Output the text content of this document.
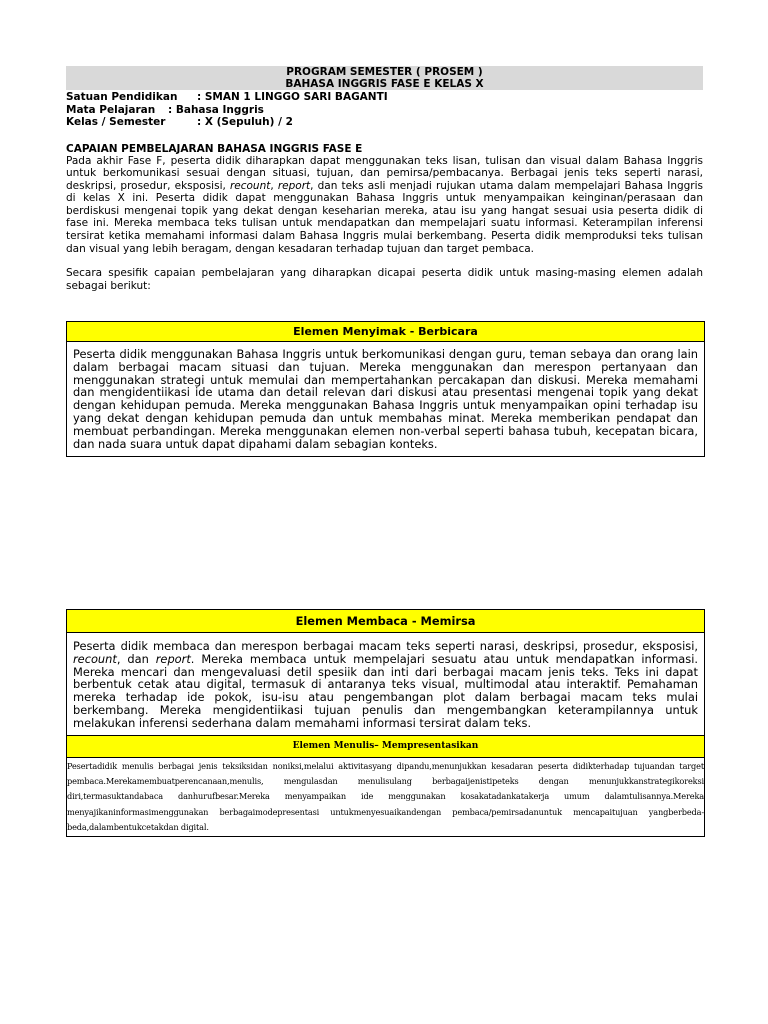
PROGRAM SEMESTER ( PROSEM )
BAHASA INGGRIS FASE E KELAS X
Satuan Pendidikan : SMAN 1 LINGGO SARI BAGANTI
Mata Pelajaran : Bahasa Inggris
Kelas / Semester	: X (Sepuluh) / 2
CAPAIAN PEMBELAJARAN BAHASA INGGRIS FASE E

Pada akhir Fase F, peserta didik diharapkan dapat menggunakan teks lisan, tulisan dan visual dalam Bahasa Inggris untuk berkomunikasi sesuai dengan situasi, tujuan, dan pemirsa/pembacanya. Berbagai jenis teks seperti narasi, deskripsi, prosedur, eksposisi, recount, report, dan teks asli menjadi rujukan utama dalam mempelajari Bahasa Inggris di kelas X ini. Peserta didik dapat menggunakan Bahasa Inggris untuk menyampaikan keinginan/perasaan dan berdiskusi mengenai topik yang dekat dengan keseharian mereka, atau isu yang hangat sesuai usia peserta didik di fase ini. Mereka membaca teks tulisan untuk mendapatkan dan mempelajari suatu informasi. Keterampilan inferensi tersirat ketika memahami informasi dalam Bahasa Inggris mulai berkembang. Peserta didik memproduksi teks tulisan dan visual yang lebih beragam, dengan kesadaran terhadap tujuan dan target pembaca.

Secara spesifik capaian pembelajaran yang diharapkan dicapai peserta didik untuk masing-masing elemen adalah sebagai berikut:

Elemen Menyimak - Berbicara
Peserta didik menggunakan Bahasa Inggris untuk berkomunikasi dengan guru, teman sebaya dan orang lain dalam berbagai macam situasi dan tujuan. Mereka menggunakan dan merespon pertanyaan dan menggunakan strategi untuk memulai dan mempertahankan percakapan dan diskusi. Mereka memahami dan mengidentiikasi ide utama dan detail relevan dari diskusi atau presentasi mengenai topik yang dekat dengan kehidupan pemuda. Mereka menggunakan Bahasa Inggris untuk menyampaikan opini terhadap isu yang dekat dengan kehidupan pemuda dan untuk membahas minat. Mereka memberikan pendapat dan membuat perbandingan. Mereka menggunakan elemen non-verbal seperti bahasa tubuh, kecepatan bicara, dan nada suara untuk dapat dipahami dalam sebagian konteks.
Elemen Membaca - Memirsa
Peserta didik membaca dan merespon berbagai macam teks seperti narasi, deskripsi, prosedur, eksposisi, recount, dan report. Mereka membaca untuk mempelajari sesuatu atau untuk mendapatkan informasi. Mereka mencari dan mengevaluasi detil spesiik dan inti dari berbagai macam jenis teks. Teks ini dapat berbentuk cetak atau digital, termasuk di antaranya teks visual, multimodal atau interaktif. Pemahaman mereka terhadap ide pokok, isu-isu atau pengembangan plot dalam berbagai macam teks mulai berkembang. Mereka mengidentiikasi tujuan penulis dan mengembangkan keterampilannya untuk melakukan inferensi sederhana dalam memahami informasi tersirat dalam teks.
Elemen Menulis– Mempresentasikan
Pesertadidik menulis berbagai jenis teksiksidan noniksi,melalui aktivitasyang dipandu,menunjukkan kesadaran peserta didikterhadap tujuandan target pembaca.Merekamembuatperencanaan,menulis, mengulasdan menulisulang berbagaijenistipeteks dengan menunjukkanstrategikoreksi diri,termasuktandabaca danhurufbesar.Mereka menyampaikan ide menggunakan kosakatadankatakerja umum dalamtulisannya.Mereka menyajikaninformasimenggunakan berbagaimodepresentasi untukmenyesuaikandengan pembaca/pemirsadanuntuk mencapaitujuan yangberbeda-beda,dalambentukcetakdan digital.
